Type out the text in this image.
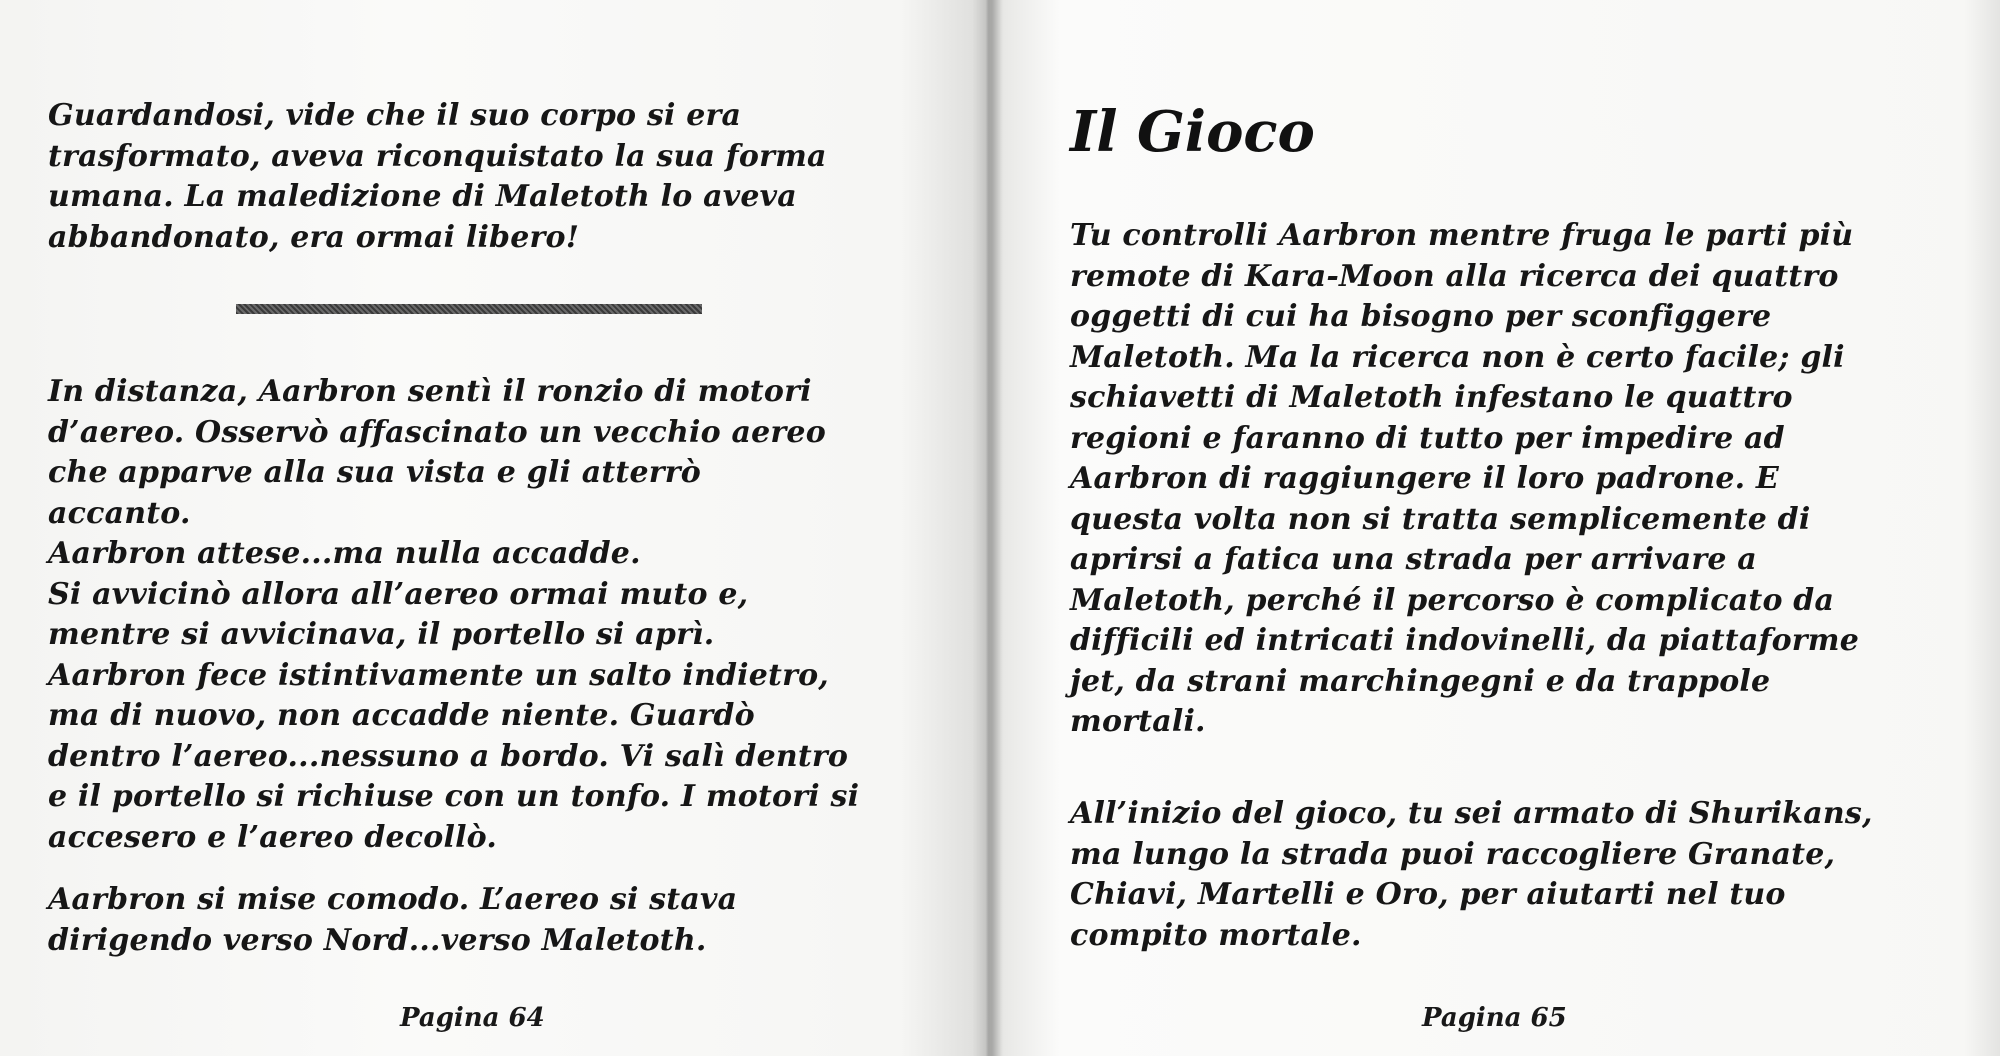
Guardandosi, vide che il suo corpo si era
trasformato, aveva riconquistato la sua forma
umana. La maledizione di Maletoth lo aveva
abbandonato, era ormai libero!

In distanza, Aarbron sentì il ronzio di motori
d’aereo. Osservò affascinato un vecchio aereo
che apparve alla sua vista e gli atterrò
accanto.
Aarbron attese...ma nulla accadde.
Si avvicinò allora all’aereo ormai muto e,
mentre si avvicinava, il portello si aprì.
Aarbron fece istintivamente un salto indietro,
ma di nuovo, non accadde niente. Guardò
dentro l’aereo...nessuno a bordo. Vi salì dentro
e il portello si richiuse con un tonfo. I motori si
accesero e l’aereo decollò.

Aarbron si mise comodo. L’aereo si stava
dirigendo verso Nord...verso Maletoth.

Pagina 64
Il Gioco

Tu controlli Aarbron mentre fruga le parti più
remote di Kara-Moon alla ricerca dei quattro
oggetti di cui ha bisogno per sconfiggere
Maletoth. Ma la ricerca non è certo facile; gli
schiavetti di Maletoth infestano le quattro
regioni e faranno di tutto per impedire ad
Aarbron di raggiungere il loro padrone. E
questa volta non si tratta semplicemente di
aprirsi a fatica una strada per arrivare a
Maletoth, perché il percorso è complicato da
difficili ed intricati indovinelli, da piattaforme
jet, da strani marchingegni e da trappole
mortali.

All’inizio del gioco, tu sei armato di Shurikans,
ma lungo la strada puoi raccogliere Granate,
Chiavi, Martelli e Oro, per aiutarti nel tuo
compito mortale.

Pagina 65
